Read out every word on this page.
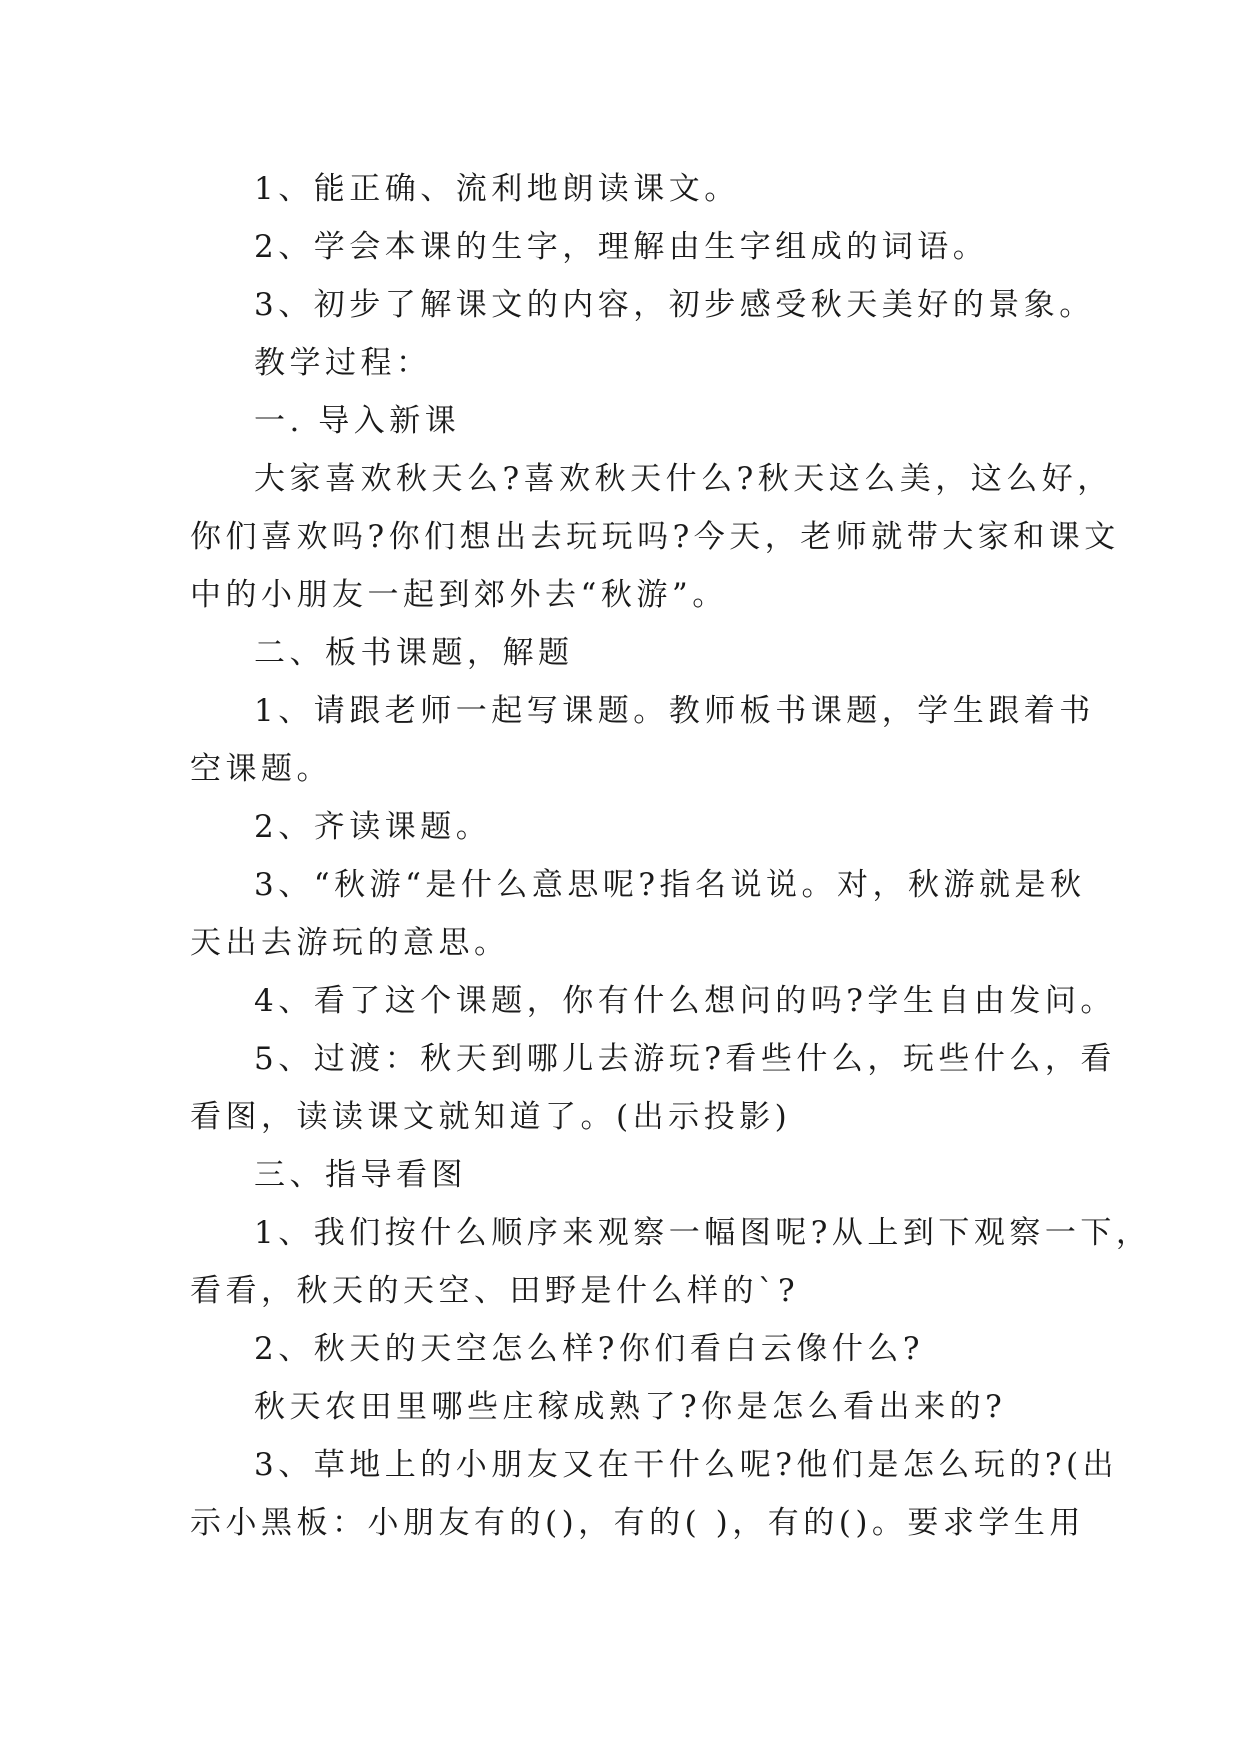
1、能正确、流利地朗读课文。

2、学会本课的生字，理解由生字组成的词语。

3、初步了解课文的内容，初步感受秋天美好的景象。

教学过程：

一. 导入新课

大家喜欢秋天么?喜欢秋天什么?秋天这么美，这么好，

你们喜欢吗?你们想出去玩玩吗?今天，老师就带大家和课文

中的小朋友一起到郊外去“秋游”。

二、板书课题，解题

1、请跟老师一起写课题。教师板书课题，学生跟着书

空课题。

2、齐读课题。

3、“秋游“是什么意思呢?指名说说。对，秋游就是秋

天出去游玩的意思。

4、看了这个课题，你有什么想问的吗?学生自由发问。

5、过渡：秋天到哪儿去游玩?看些什么，玩些什么，看

看图，读读课文就知道了。(出示投影)

三、指导看图

1、我们按什么顺序来观察一幅图呢?从上到下观察一下，

看看，秋天的天空、田野是什么样的`?

2、秋天的天空怎么样?你们看白云像什么?

秋天农田里哪些庄稼成熟了?你是怎么看出来的?

3、草地上的小朋友又在干什么呢?他们是怎么玩的?(出

示小黑板：小朋友有的()，有的( )，有的()。要求学生用
